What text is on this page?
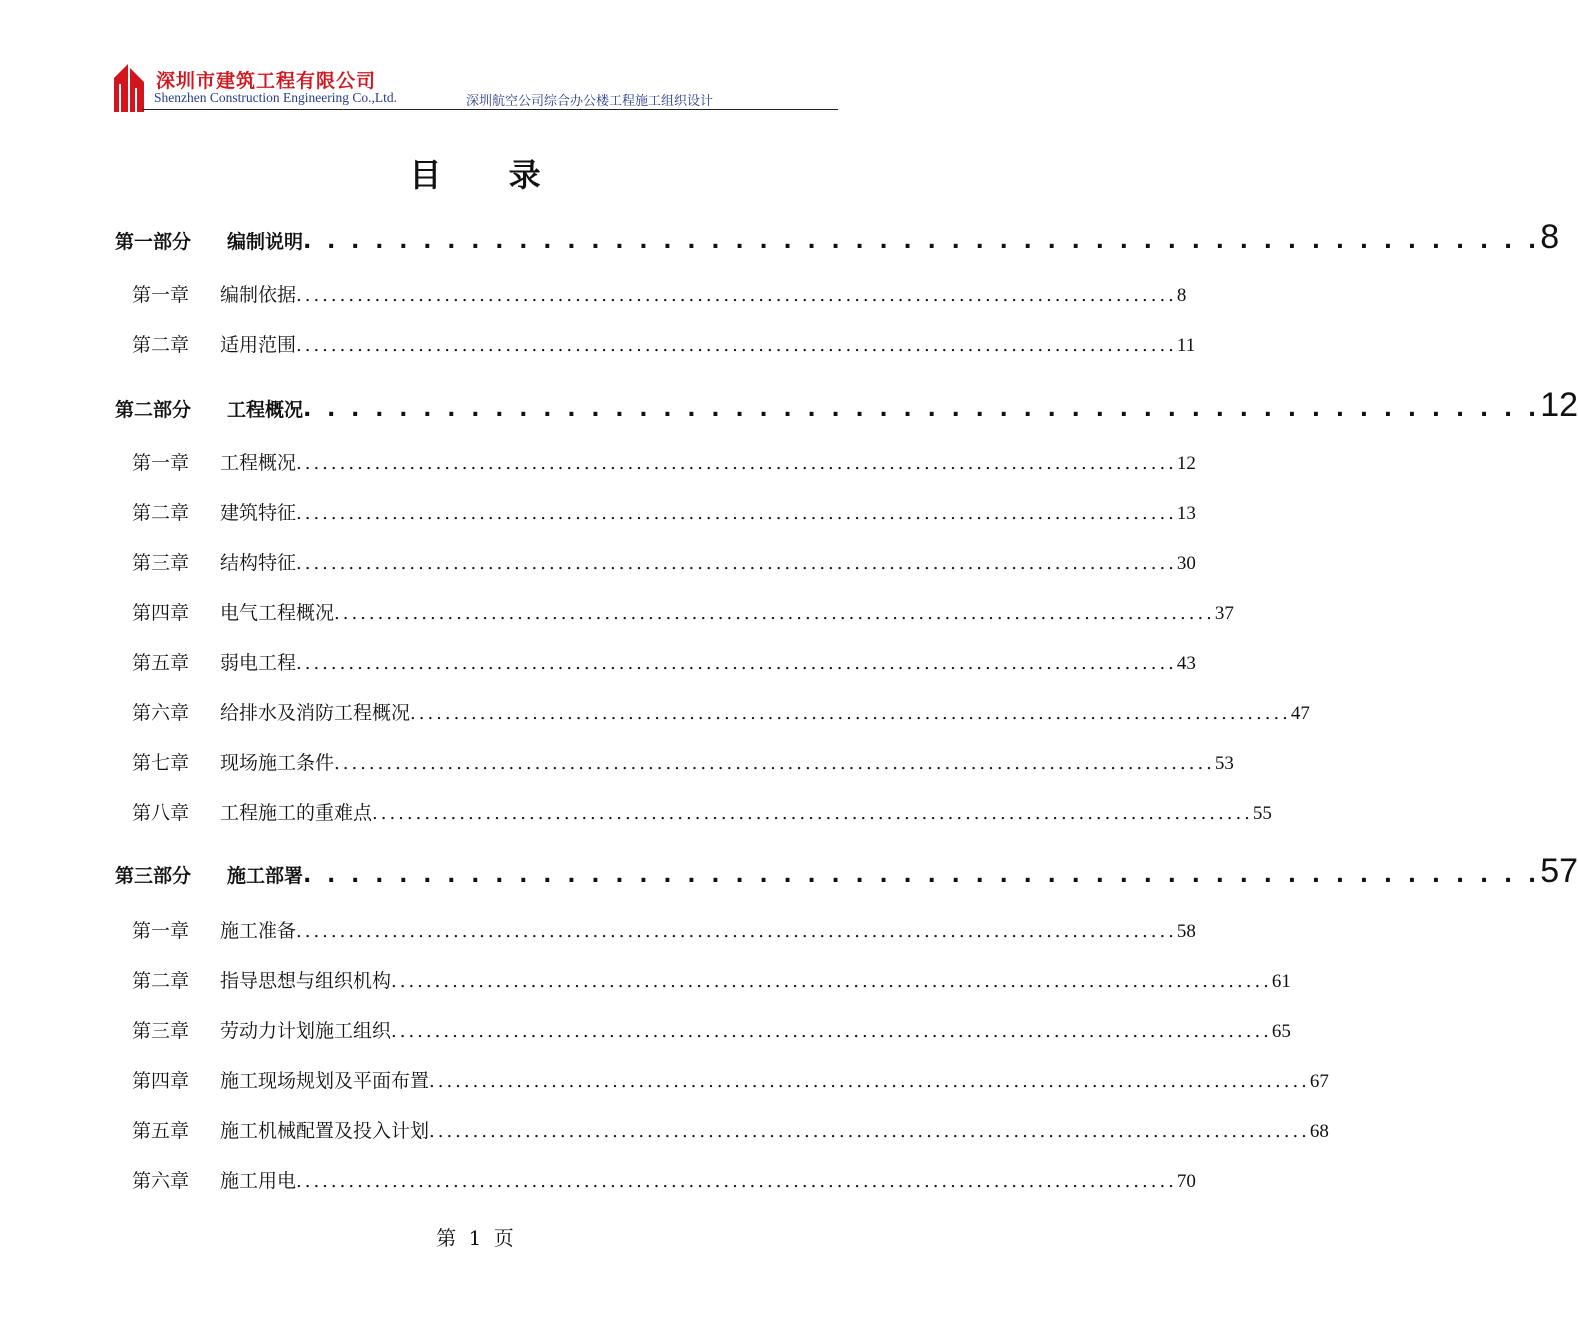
深圳市建筑工程有限公司
Shenzhen Construction Engineering Co.,Ltd.	深圳航空公司综合办公楼工程施工组织设计
目 录
第一部分	编制说明 . . . . . . . . . . . . . . . . . . . . . . . . . . . . . . . . . . . . . . . . . . . . . . . . . . . . 8
第一章	编制依据 ..................................................................................................... 8
第二章	适用范围 ..................................................................................................... 11
第二部分	工程概况 . . . . . . . . . . . . . . . . . . . . . . . . . . . . . . . . . . . . . . . . . . . . . . . . . . . . 12
第一章	工程概况 ..................................................................................................... 12
第二章	建筑特征 ..................................................................................................... 13
第三章	结构特征 ..................................................................................................... 30
第四章	电气工程概况 ..................................................................................................... 37
第五章	弱电工程 ..................................................................................................... 43
第六章	给排水及消防工程概况 ..................................................................................................... 47
第七章	现场施工条件 ..................................................................................................... 53
第八章	工程施工的重难点 ..................................................................................................... 55
第三部分	施工部署 . . . . . . . . . . . . . . . . . . . . . . . . . . . . . . . . . . . . . . . . . . . . . . . . . . . . 57
第一章	施工准备 ..................................................................................................... 58
第二章	指导思想与组织机构 ..................................................................................................... 61
第三章	劳动力计划施工组织 ..................................................................................................... 65
第四章	施工现场规划及平面布置 ..................................................................................................... 67
第五章	施工机械配置及投入计划 ..................................................................................................... 68
第六章	施工用电 ..................................................................................................... 70
第 1 页
